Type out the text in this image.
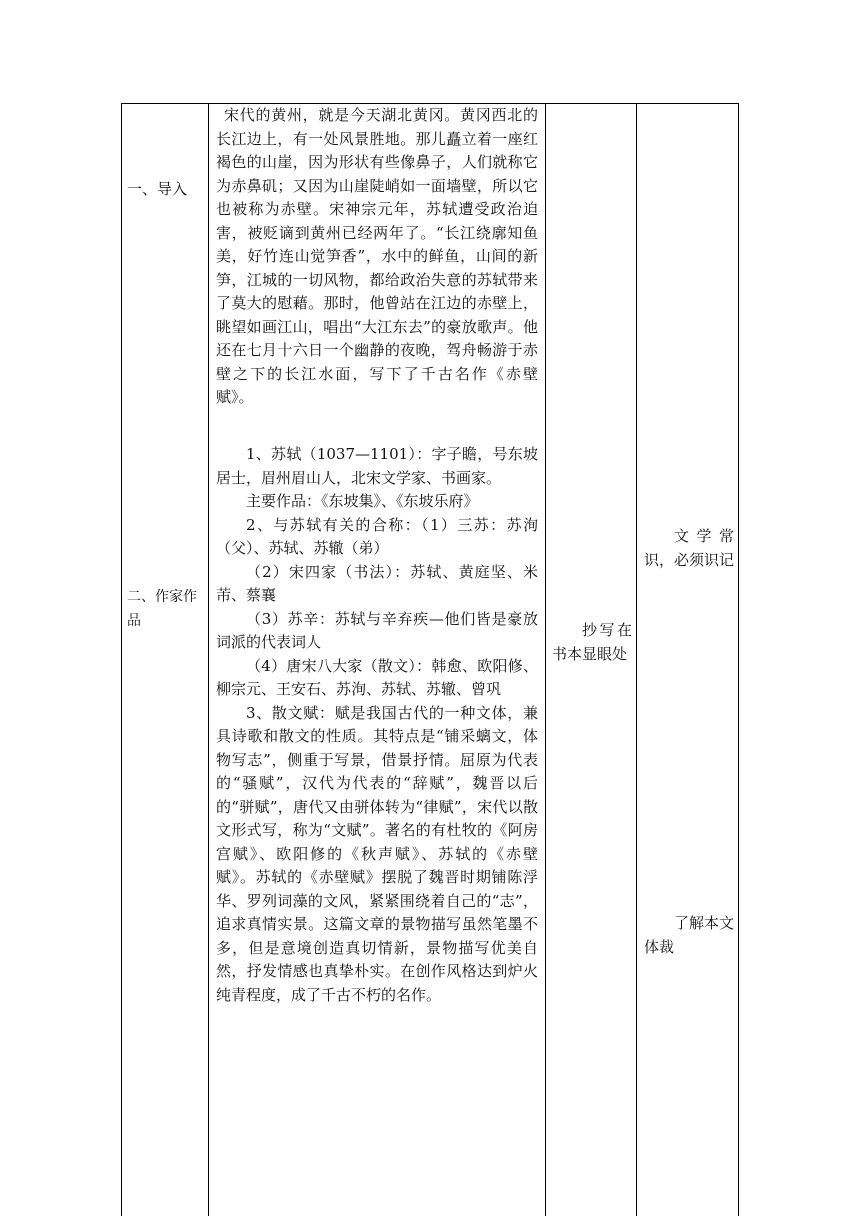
一、导入
二、作家作品

宋代的黄州，就是今天湖北黄冈。黄冈西北的长江边上，有一处风景胜地。那儿矗立着一座红褐色的山崖，因为形状有些像鼻子，人们就称它为赤鼻矶；又因为山崖陡峭如一面墙壁，所以它也被称为赤壁。宋神宗元年，苏轼遭受政治迫害，被贬谪到黄州已经两年了。“长江绕廓知鱼美，好竹连山觉笋香”，水中的鲜鱼，山间的新笋，江城的一切风物，都给政治失意的苏轼带来了莫大的慰藉。那时，他曾站在江边的赤壁上，眺望如画江山，唱出“大江东去”的豪放歌声。他还在七月十六日一个幽静的夜晚，驾舟畅游于赤壁之下的长江水面，写下了千古名作《赤壁赋》。

1、苏轼（1037—1101）：字子瞻，号东坡居士，眉州眉山人，北宋文学家、书画家。

主要作品：《东坡集》、《东坡乐府》

2、与苏轼有关的合称：（1）三苏：苏洵（父）、苏轼、苏辙（弟）

（2）宋四家（书法）：苏轼、黄庭坚、米芾、蔡襄

（3）苏辛：苏轼与辛弃疾—他们皆是豪放词派的代表词人

（4）唐宋八大家（散文）：韩愈、欧阳修、柳宗元、王安石、苏洵、苏轼、苏辙、曾巩

3、散文赋：赋是我国古代的一种文体，兼具诗歌和散文的性质。其特点是“铺采螭文，体物写志”，侧重于写景，借景抒情。屈原为代表的“骚赋”，汉代为代表的“辞赋”，魏晋以后的“骈赋”，唐代又由骈体转为“律赋”，宋代以散文形式写，称为“文赋”。著名的有杜牧的《阿房宫赋》、欧阳修的《秋声赋》、苏轼的《赤壁赋》。苏轼的《赤壁赋》摆脱了魏晋时期铺陈浮华、罗列词藻的文风，紧紧围绕着自己的“志”，追求真情实景。这篇文章的景物描写虽然笔墨不多，但是意境创造真切情新，景物描写优美自然，抒发情感也真挚朴实。在创作风格达到炉火纯青程度，成了千古不朽的名作。

抄写在书本显眼处

文学常识，必须识记

了解本文体裁
